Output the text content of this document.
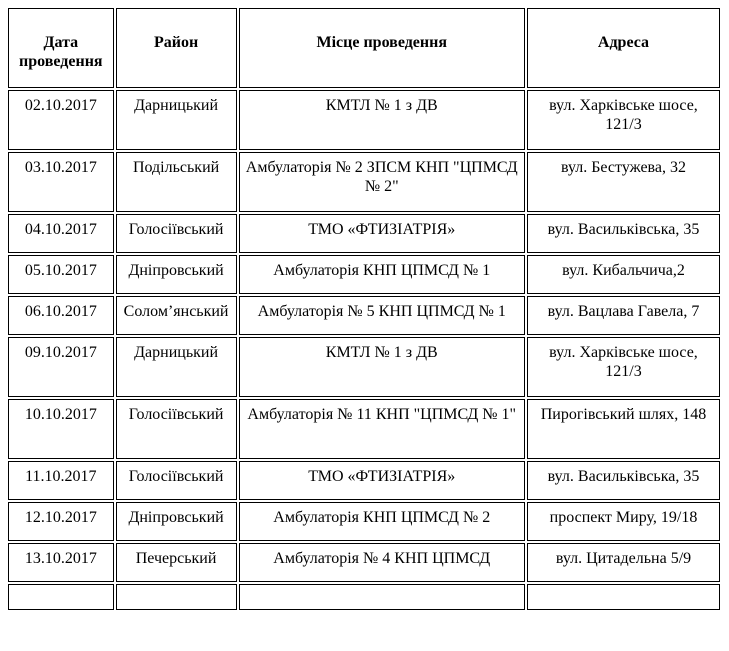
Дата проведення	Район	Місце проведення	Адреса
02.10.2017	Дарницький	КМТЛ № 1 з ДВ	вул. Харківське шосе, 121/3
03.10.2017	Подільський	Амбулаторія № 2 ЗПСМ КНП "ЦПМСД № 2"	вул. Бестужева, 32
04.10.2017	Голосіївський	ТМО «ФТИЗІАТРІЯ»	вул. Васильківська, 35
05.10.2017	Дніпровський	Амбулаторія КНП ЦПМСД № 1	вул. Кибальчича,2
06.10.2017	Солом’янський	Амбулаторія № 5 КНП ЦПМСД № 1	вул. Вацлава Гавела, 7
09.10.2017	Дарницький	КМТЛ № 1 з ДВ	вул. Харківське шосе, 121/3
10.10.2017	Голосіївський	Амбулаторія № 11 КНП "ЦПМСД № 1"	Пирогівський шлях, 148
11.10.2017	Голосіївський	ТМО «ФТИЗІАТРІЯ»	вул. Васильківська, 35
12.10.2017	Дніпровський	Амбулаторія КНП ЦПМСД № 2	проспект Миру, 19/18
13.10.2017	Печерський	Амбулаторія № 4 КНП ЦПМСД	вул. Цитадельна 5/9
